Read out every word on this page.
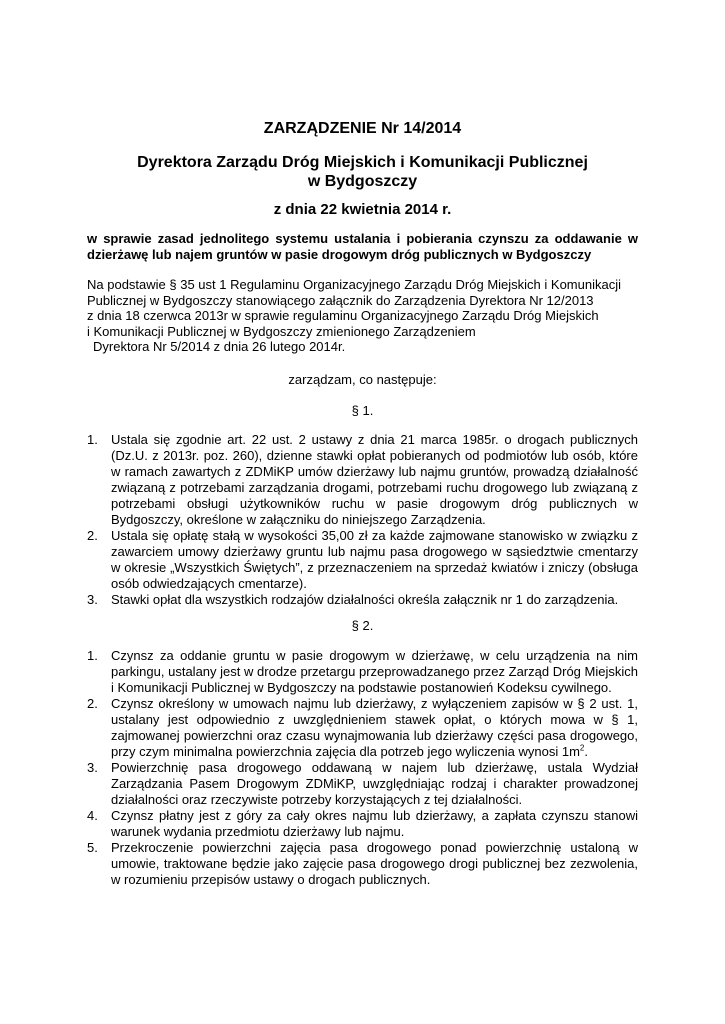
ZARZĄDZENIE Nr 14/2014
Dyrektora Zarządu Dróg Miejskich i Komunikacji Publicznej
w Bydgoszczy
z dnia 22 kwietnia 2014 r.

w sprawie zasad jednolitego systemu ustalania i pobierania czynszu za oddawanie w dzierżawę lub najem gruntów w pasie drogowym dróg publicznych w Bydgoszczy

Na podstawie § 35 ust 1 Regulaminu Organizacyjnego Zarządu Dróg Miejskich i Komunikacji
Publicznej w Bydgoszczy stanowiącego załącznik do Zarządzenia Dyrektora Nr 12/2013
z dnia 18 czerwca 2013r w sprawie regulaminu Organizacyjnego Zarządu Dróg Miejskich
i Komunikacji Publicznej w Bydgoszczy zmienionego Zarządzeniem
Dyrektora Nr 5/2014 z dnia 26 lutego 2014r.

zarządzam, co następuje:

§ 1.

1. Ustala się zgodnie art. 22 ust. 2 ustawy z dnia 21 marca 1985r. o drogach publicznych (Dz.U. z 2013r. poz. 260), dzienne stawki opłat pobieranych od podmiotów lub osób, które w ramach zawartych z ZDMiKP umów dzierżawy lub najmu gruntów, prowadzą działalność związaną z potrzebami zarządzania drogami, potrzebami ruchu drogowego lub związaną z potrzebami obsługi użytkowników ruchu w pasie drogowym dróg publicznych w Bydgoszczy, określone w załączniku do niniejszego Zarządzenia.
2. Ustala się opłatę stałą w wysokości 35,00 zł za każde zajmowane stanowisko w związku z zawarciem umowy dzierżawy gruntu lub najmu pasa drogowego w sąsiedztwie cmentarzy w okresie „Wszystkich Świętych”, z przeznaczeniem na sprzedaż kwiatów i zniczy (obsługa osób odwiedzających cmentarze).
3. Stawki opłat dla wszystkich rodzajów działalności określa załącznik nr 1 do zarządzenia.

§ 2.

1. Czynsz za oddanie gruntu w pasie drogowym w dzierżawę, w celu urządzenia na nim parkingu, ustalany jest w drodze przetargu przeprowadzanego przez Zarząd Dróg Miejskich i Komunikacji Publicznej w Bydgoszczy na podstawie postanowień Kodeksu cywilnego.
2. Czynsz określony w umowach najmu lub dzierżawy, z wyłączeniem zapisów w § 2 ust. 1, ustalany jest odpowiednio z uwzględnieniem stawek opłat, o których mowa w § 1, zajmowanej powierzchni oraz czasu wynajmowania lub dzierżawy części pasa drogowego, przy czym minimalna powierzchnia zajęcia dla potrzeb jego wyliczenia wynosi $1m^2$.
3. Powierzchnię pasa drogowego oddawaną w najem lub dzierżawę, ustala Wydział Zarządzania Pasem Drogowym ZDMiKP, uwzględniając rodzaj i charakter prowadzonej działalności oraz rzeczywiste potrzeby korzystających z tej działalności.
4. Czynsz płatny jest z góry za cały okres najmu lub dzierżawy, a zapłata czynszu stanowi warunek wydania przedmiotu dzierżawy lub najmu.
5. Przekroczenie powierzchni zajęcia pasa drogowego ponad powierzchnię ustaloną w umowie, traktowane będzie jako zajęcie pasa drogowego drogi publicznej bez zezwolenia, w rozumieniu przepisów ustawy o drogach publicznych.
